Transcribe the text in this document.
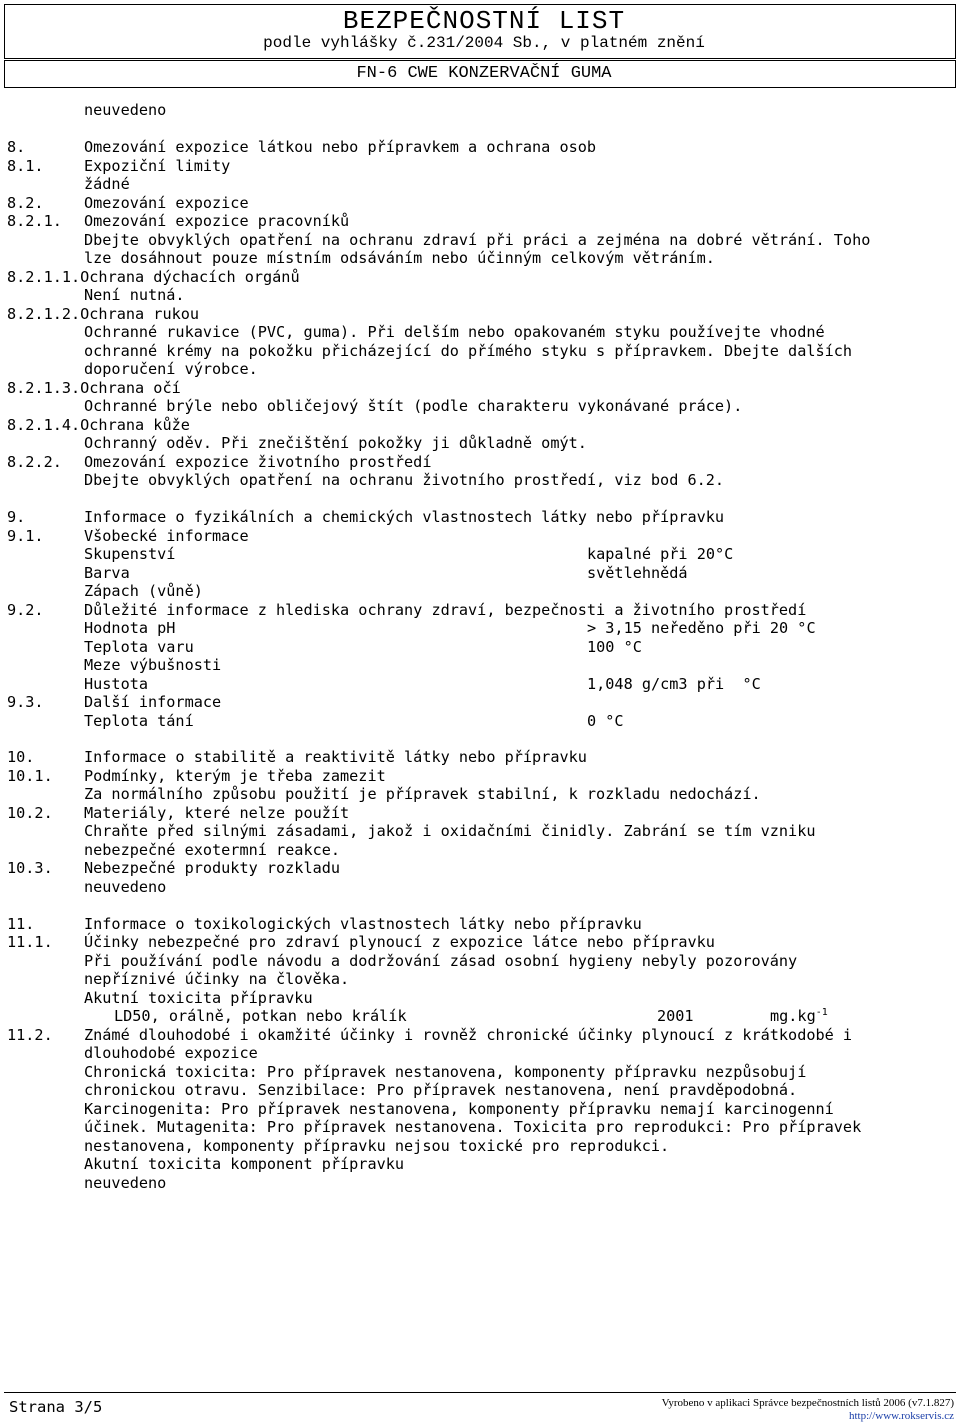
BEZPEČNOSTNÍ LIST
podle vyhlášky č.231/2004 Sb., v platném znění
FN-6 CWE KONZERVAČNÍ GUMA
neuvedeno
8.	Omezování expozice látkou nebo přípravkem a ochrana osob
8.1.	Expoziční limity
žádné
8.2.	Omezování expozice
8.2.1. Omezování expozice pracovníků
Dbejte obvyklých opatření na ochranu zdraví při práci a zejména na dobré větrání. Toho
lze dosáhnout pouze místním odsáváním nebo účinným celkovým větráním.
8.2.1.1.Ochrana dýchacích orgánů
Není nutná.
8.2.1.2.Ochrana rukou
Ochranné rukavice (PVC, guma). Při delším nebo opakovaném styku používejte vhodné
ochranné krémy na pokožku přicházející do přímého styku s přípravkem. Dbejte dalších
doporučení výrobce.
8.2.1.3.Ochrana očí
Ochranné brýle nebo obličejový štít (podle charakteru vykonávané práce).
8.2.1.4.Ochrana kůže
Ochranný oděv. Při znečištění pokožky ji důkladně omýt.
8.2.2. Omezování expozice životního prostředí
Dbejte obvyklých opatření na ochranu životního prostředí, viz bod 6.2.
9.	Informace o fyzikálních a chemických vlastnostech látky nebo přípravku
9.1.	Všobecké informace
Skupenství	kapalné při 20°C
Barva	světlehnědá
Zápach (vůně)
9.2.	Důležité informace z hlediska ochrany zdraví, bezpečnosti a životního prostředí
Hodnota pH	> 3,15 neředěno při 20 °C
Teplota varu	100 °C
Meze výbušnosti
Hustota	1,048 g/cm3 při  °C
9.3.	Další informace
Teplota tání	0 °C
10.	Informace o stabilitě a reaktivitě látky nebo přípravku
10.1. Podmínky, kterým je třeba zamezit
Za normálního způsobu použití je přípravek stabilní, k rozkladu nedochází.
10.2. Materiály, které nelze použít
Chraňte před silnými zásadami, jakož i oxidačními činidly. Zabrání se tím vzniku
nebezpečné exotermní reakce.
10.3. Nebezpečné produkty rozkladu
neuvedeno
11.	Informace o toxikologických vlastnostech látky nebo přípravku
11.1. Účinky nebezpečné pro zdraví plynoucí z expozice látce nebo přípravku
Při používání podle návodu a dodržování zásad osobní hygieny nebyly pozorovány
nepříznivé účinky na člověka.
Akutní toxicita přípravku
LD50, orálně, potkan nebo králík	2001	$mg.kg^{-1}$
11.2. Známé dlouhodobé i okamžité účinky i rovněž chronické účinky plynoucí z krátkodobé i
dlouhodobé expozice
Chronická toxicita: Pro přípravek nestanovena, komponenty přípravku nezpůsobují
chronickou otravu. Senzibilace: Pro přípravek nestanovena, není pravděpodobná.
Karcinogenita: Pro přípravek nestanovena, komponenty přípravku nemají karcinogenní
účinek. Mutagenita: Pro přípravek nestanovena. Toxicita pro reprodukci: Pro přípravek
nestanovena, komponenty přípravku nejsou toxické pro reprodukci.
Akutní toxicita komponent přípravku
neuvedeno
Strana 3/5	Vyrobeno v aplikaci Správce bezpečnostních listů 2006 (v7.1.827)
http://www.rokservis.cz
